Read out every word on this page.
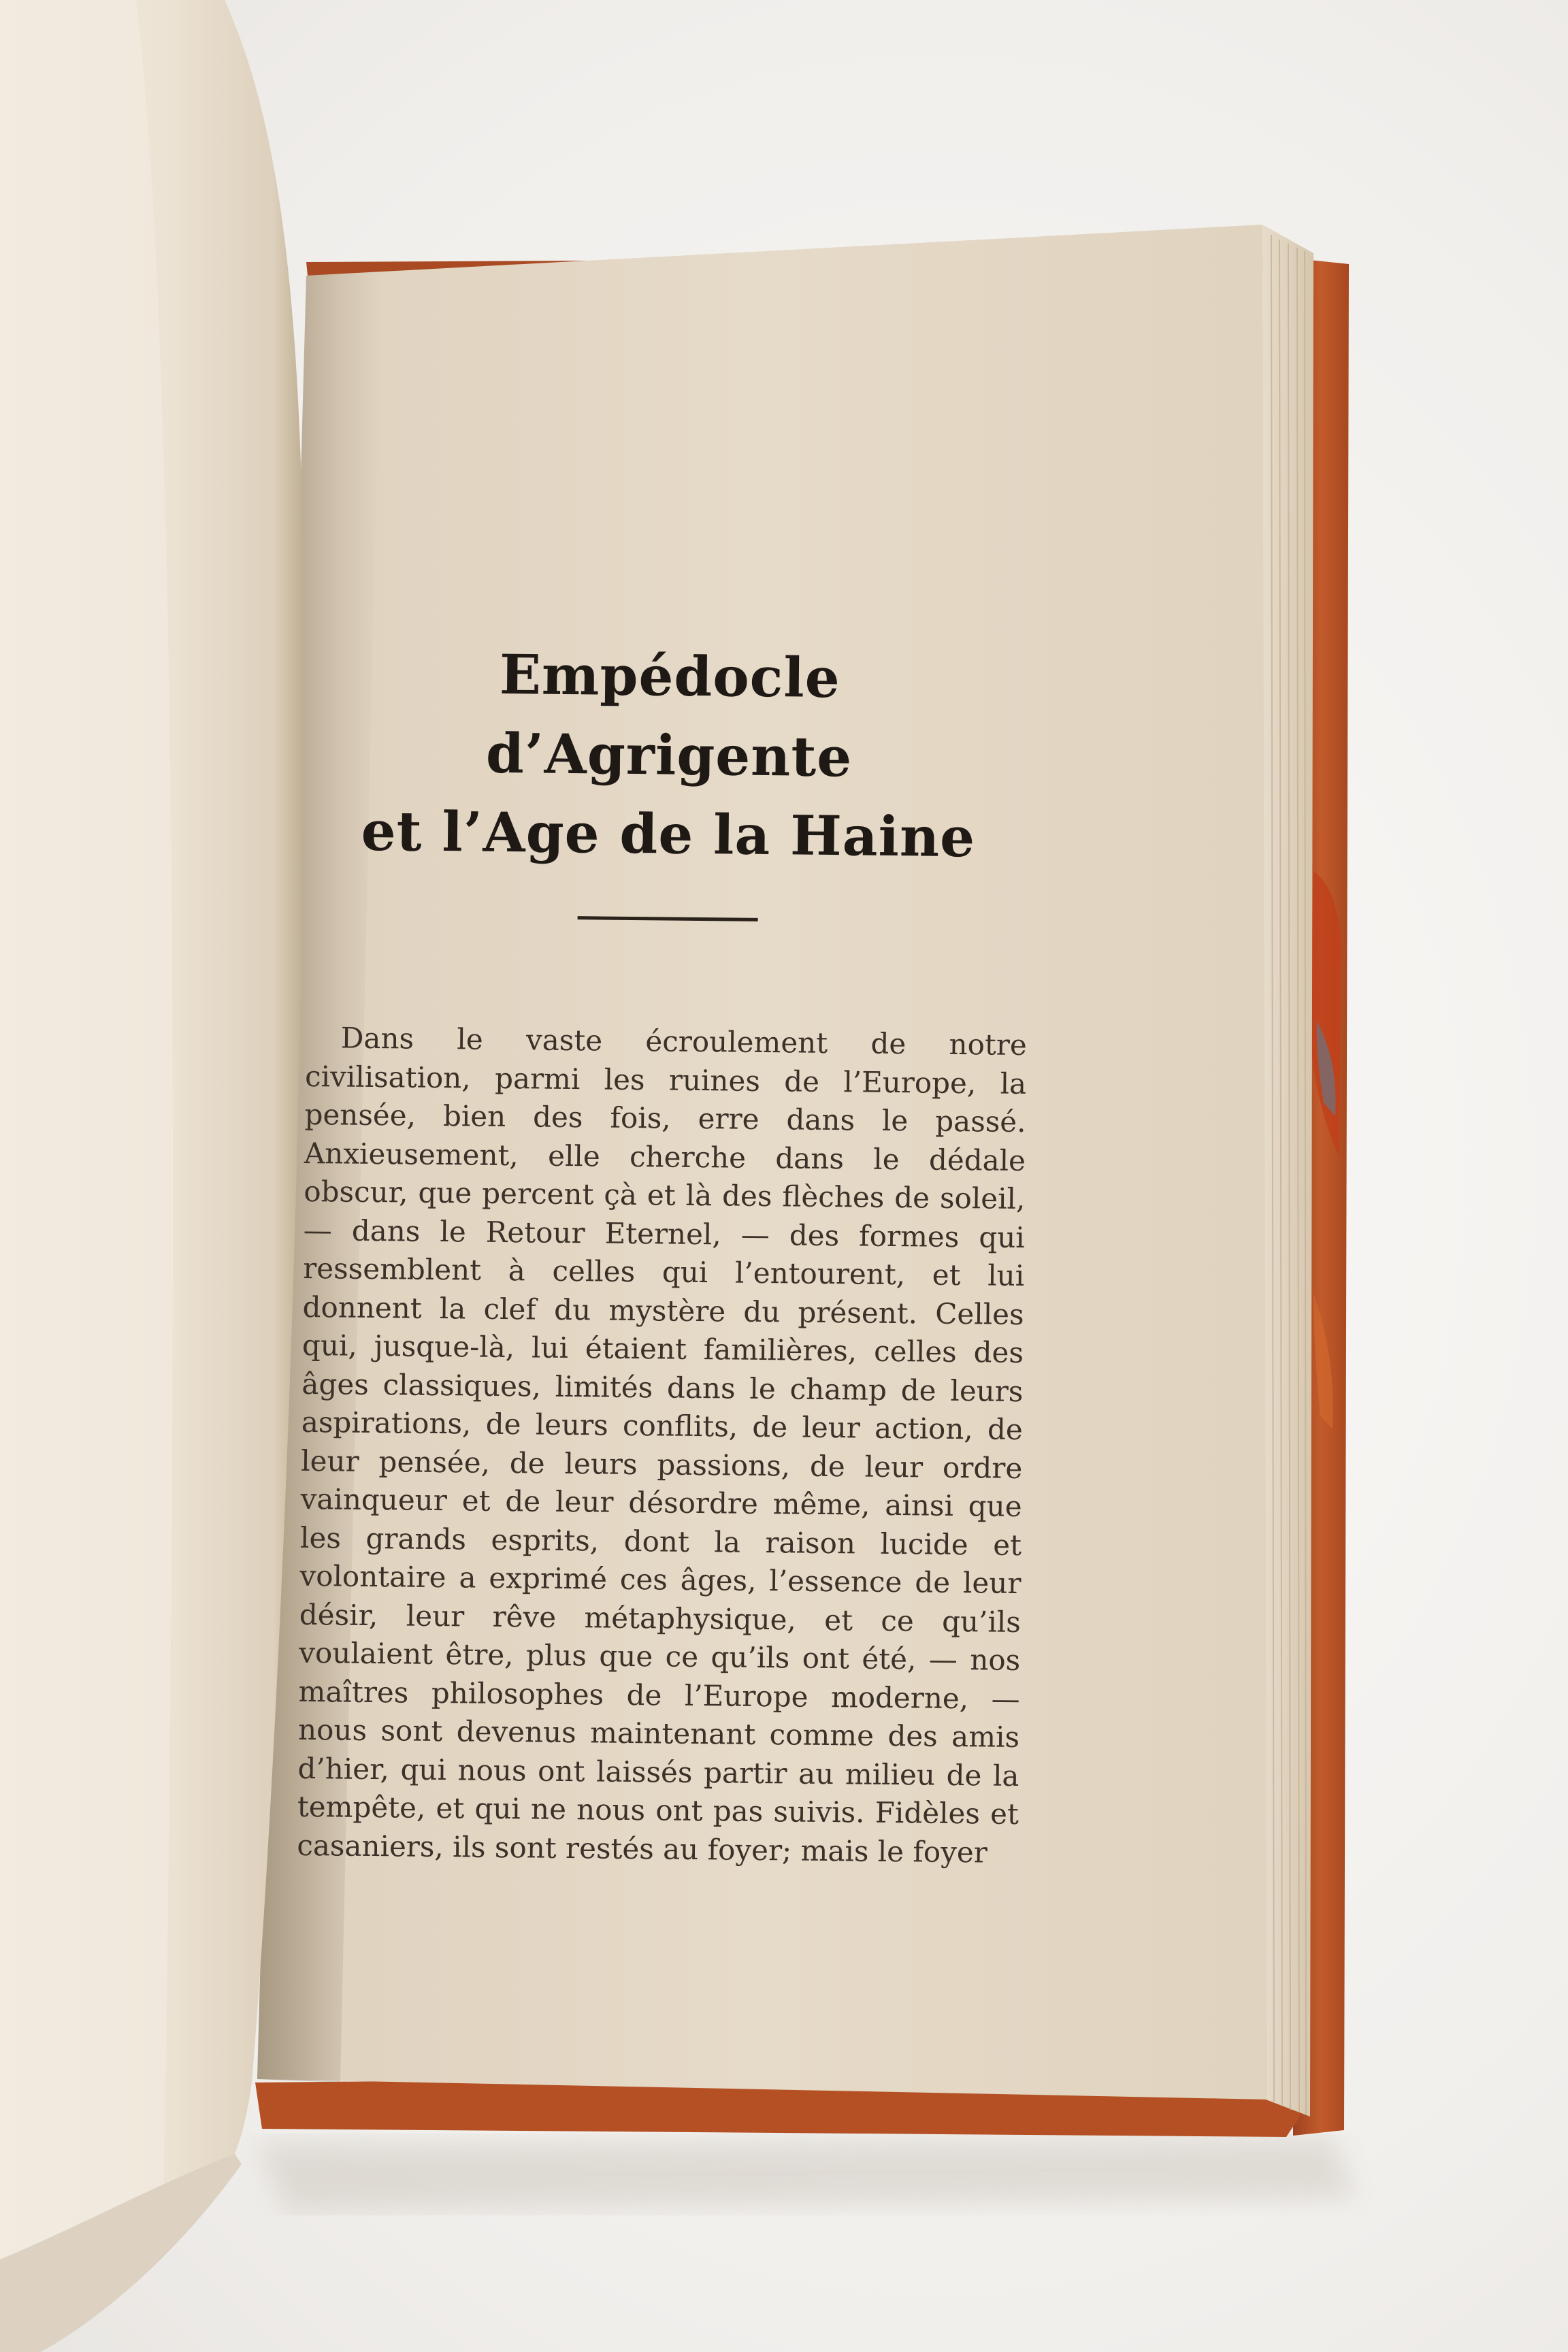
Empédocle d’Agrigente
et l’Age de la Haine

Dans le vaste écroulement de notre civilisation, parmi les ruines de l’Europe, la pensée, bien des fois, erre dans le passé. Anxieusement, elle cherche dans le dédale obscur, que percent çà et là des flèches de soleil, — dans le Retour Eternel, — des formes qui ressemblent à celles qui l’entourent, et lui donnent la clef du mystère du présent. Celles qui, jusque-là, lui étaient familières, celles des âges classiques, limités dans le champ de leurs aspirations, de leurs conflits, de leur action, de leur pensée, de leurs passions, de leur ordre vainqueur et de leur désordre même, ainsi que les grands esprits, dont la raison lucide et volontaire a exprimé ces âges, l’essence de leur désir, leur rêve métaphysique, et ce qu’ils voulaient être, plus que ce qu’ils ont été, — nos maîtres philosophes de l’Europe moderne, — nous sont devenus maintenant comme des amis d’hier, qui nous ont laissés partir au milieu de la tempête, et qui ne nous ont pas suivis. Fidèles et casaniers, ils sont restés au foyer; mais le foyer
